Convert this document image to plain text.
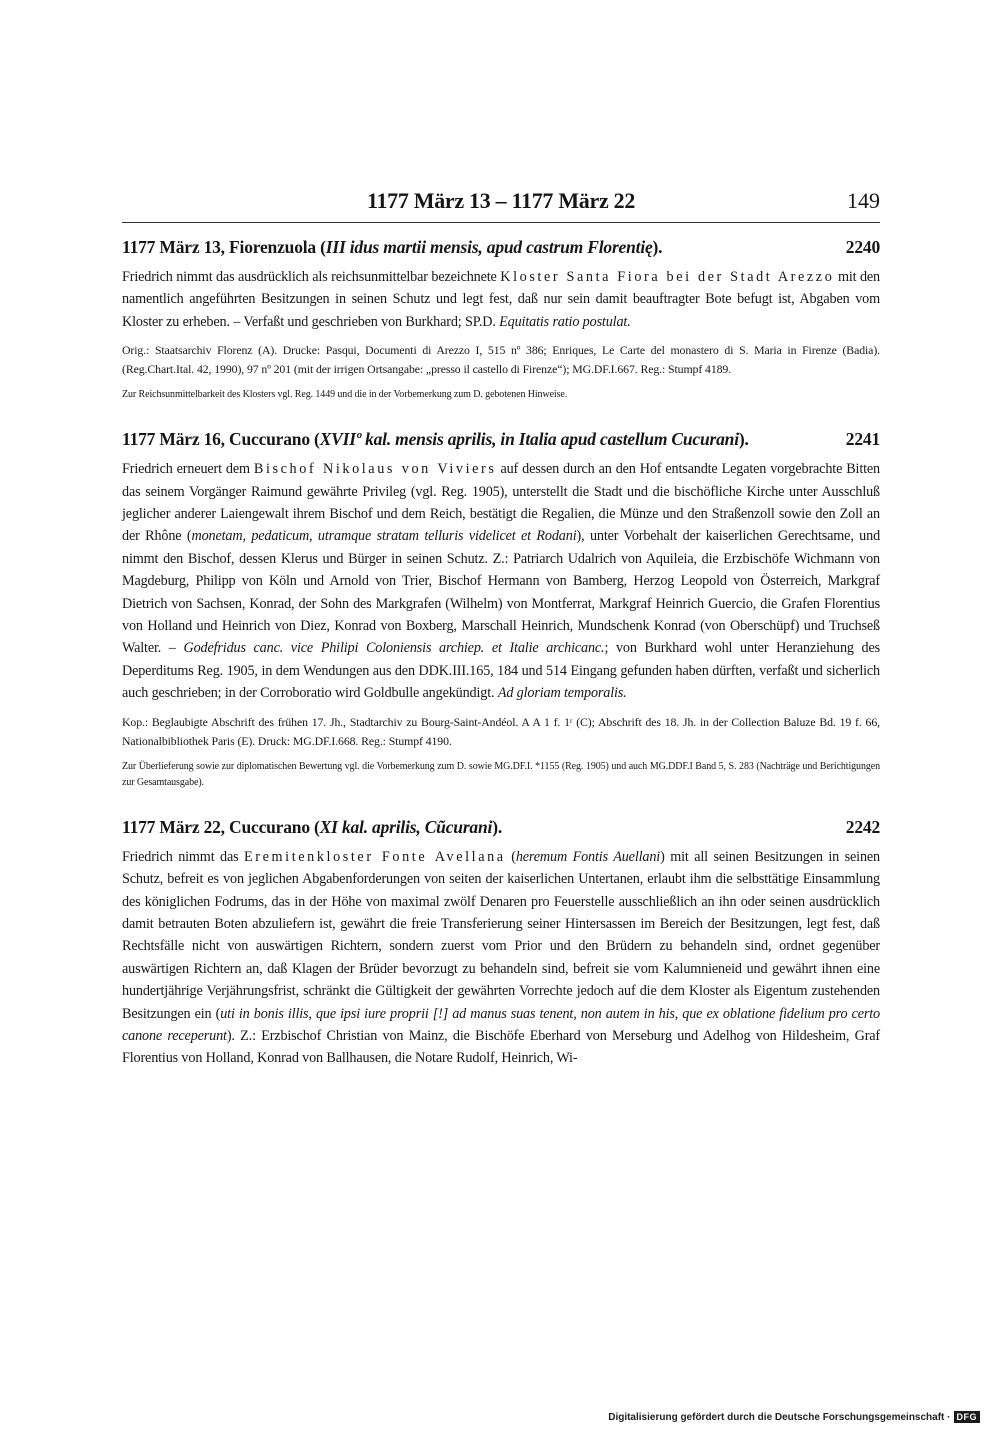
1177 März 13 – 1177 März 22	149
1177 März 13, Fiorenzuola (III idus martii mensis, apud castrum Florentię).	2240

Friedrich nimmt das ausdrücklich als reichsunmittelbar bezeichnete Kloster Santa Fiora bei der Stadt Arezzo mit den namentlich angeführten Besitzungen in seinen Schutz und legt fest, daß nur sein damit beauftragter Bote befugt ist, Abgaben vom Kloster zu erheben. – Verfaßt und geschrieben von Burkhard; SP.D. Equitatis ratio postulat.

Orig.: Staatsarchiv Florenz (A). Drucke: Pasqui, Documenti di Arezzo I, 515 nº 386; Enriques, Le Carte del monastero di S. Maria in Firenze (Badia). (Reg.Chart.Ital. 42, 1990), 97 nº 201 (mit der irrigen Ortsangabe: „presso il castello di Firenze“); MG.DF.I.667. Reg.: Stumpf 4189.

Zur Reichsunmittelbarkeit des Klosters vgl. Reg. 1449 und die in der Vorbemerkung zum D. gebotenen Hinweise.

1177 März 16, Cuccurano (XVIIº kal. mensis aprilis, in Italia apud castellum Cucurani).	2241

Friedrich erneuert dem Bischof Nikolaus von Viviers auf dessen durch an den Hof entsandte Legaten vorgebrachte Bitten das seinem Vorgänger Raimund gewährte Privileg (vgl. Reg. 1905), unterstellt die Stadt und die bischöfliche Kirche unter Ausschluß jeglicher anderer Laiengewalt ihrem Bischof und dem Reich, bestätigt die Regalien, die Münze und den Straßenzoll sowie den Zoll an der Rhône (monetam, pedaticum, utramque stratam telluris videlicet et Rodani), unter Vorbehalt der kaiserlichen Gerechtsame, und nimmt den Bischof, dessen Klerus und Bürger in seinen Schutz. Z.: Patriarch Udalrich von Aquileia, die Erzbischöfe Wichmann von Magdeburg, Philipp von Köln und Arnold von Trier, Bischof Hermann von Bamberg, Herzog Leopold von Österreich, Markgraf Dietrich von Sachsen, Konrad, der Sohn des Markgrafen (Wilhelm) von Montferrat, Markgraf Heinrich Guercio, die Grafen Florentius von Holland und Heinrich von Diez, Konrad von Boxberg, Marschall Heinrich, Mundschenk Konrad (von Oberschüpf) und Truchseß Walter. – Godefridus canc. vice Philipi Coloniensis archiep. et Italie archicanc.; von Burkhard wohl unter Heranziehung des Deperditums Reg. 1905, in dem Wendungen aus den DDK.III.165, 184 und 514 Eingang gefunden haben dürften, verfaßt und sicherlich auch geschrieben; in der Corroboratio wird Goldbulle angekündigt. Ad gloriam temporalis.

Kop.: Beglaubigte Abschrift des frühen 17. Jh., Stadtarchiv zu Bourg-Saint-Andéol. A A 1 f. 1ʳ (C); Abschrift des 18. Jh. in der Collection Baluze Bd. 19 f. 66, Nationalbibliothek Paris (E). Druck: MG.DF.I.668. Reg.: Stumpf 4190.

Zur Überlieferung sowie zur diplomatischen Bewertung vgl. die Vorbemerkung zum D. sowie MG.DF.I. *1155 (Reg. 1905) und auch MG.DDF.I Band 5, S. 283 (Nachträge und Berichtigungen zur Gesamtausgabe).

1177 März 22, Cuccurano (XI kal. aprilis, Cũcurani).	2242

Friedrich nimmt das Eremitenkloster Fonte Avellana (heremum Fontis Auellani) mit all seinen Besitzungen in seinen Schutz, befreit es von jeglichen Abgabenforderungen von seiten der kaiserlichen Untertanen, erlaubt ihm die selbsttätige Einsammlung des königlichen Fodrums, das in der Höhe von maximal zwölf Denaren pro Feuerstelle ausschließlich an ihn oder seinen ausdrücklich damit betrauten Boten abzuliefern ist, gewährt die freie Transferierung seiner Hintersassen im Bereich der Besitzungen, legt fest, daß Rechtsfälle nicht von auswärtigen Richtern, sondern zuerst vom Prior und den Brüdern zu behandeln sind, ordnet gegenüber auswärtigen Richtern an, daß Klagen der Brüder bevorzugt zu behandeln sind, befreit sie vom Kalumnieneid und gewährt ihnen eine hundertjährige Verjährungsfrist, schränkt die Gültigkeit der gewährten Vorrechte jedoch auf die dem Kloster als Eigentum zustehenden Besitzungen ein (uti in bonis illis, que ipsi iure proprii [!] ad manus suas tenent, non autem in his, que ex oblatione fidelium pro certo canone receperunt). Z.: Erzbischof Christian von Mainz, die Bischöfe Eberhard von Merseburg und Adelhog von Hildesheim, Graf Florentius von Holland, Konrad von Ballhausen, die Notare Rudolf, Heinrich, Wi-

Digitalisierung gefördert durch die Deutsche Forschungsgemeinschaft · DFG
